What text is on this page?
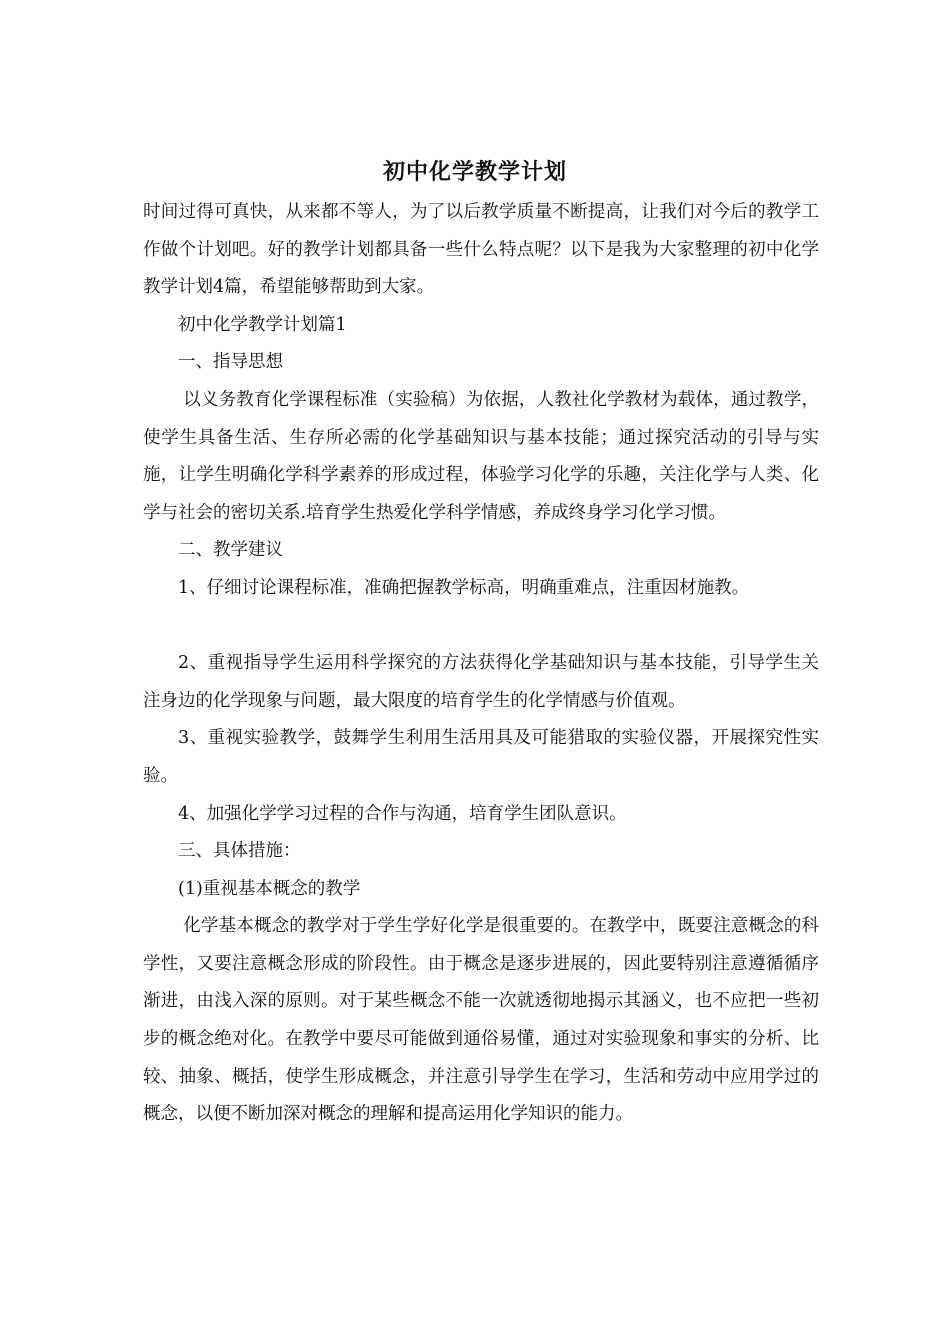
初中化学教学计划

时间过得可真快，从来都不等人，为了以后教学质量不断提高，让我们对今后的教学工作做个计划吧。好的教学计划都具备一些什么特点呢？以下是我为大家整理的初中化学教学计划4篇，希望能够帮助到大家。

初中化学教学计划篇1

一、指导思想

以义务教育化学课程标准（实验稿）为依据，人教社化学教材为载体，通过教学，使学生具备生活、生存所必需的化学基础知识与基本技能；通过探究活动的引导与实施，让学生明确化学科学素养的形成过程，体验学习化学的乐趣，关注化学与人类、化学与社会的密切关系.培育学生热爱化学科学情感，养成终身学习化学习惯。

二、教学建议

1、仔细讨论课程标准，准确把握教学标高，明确重难点，注重因材施教。

2、重视指导学生运用科学探究的方法获得化学基础知识与基本技能，引导学生关注身边的化学现象与问题，最大限度的培育学生的化学情感与价值观。

3、重视实验教学，鼓舞学生利用生活用具及可能猎取的实验仪器，开展探究性实验。

4、加强化学学习过程的合作与沟通，培育学生团队意识。

三、具体措施：

(1)重视基本概念的教学

化学基本概念的教学对于学生学好化学是很重要的。在教学中，既要注意概念的科学性，又要注意概念形成的阶段性。由于概念是逐步进展的，因此要特别注意遵循循序渐进，由浅入深的原则。对于某些概念不能一次就透彻地揭示其涵义，也不应把一些初步的概念绝对化。在教学中要尽可能做到通俗易懂，通过对实验现象和事实的分析、比较、抽象、概括，使学生形成概念，并注意引导学生在学习，生活和劳动中应用学过的概念，以便不断加深对概念的理解和提高运用化学知识的能力。
